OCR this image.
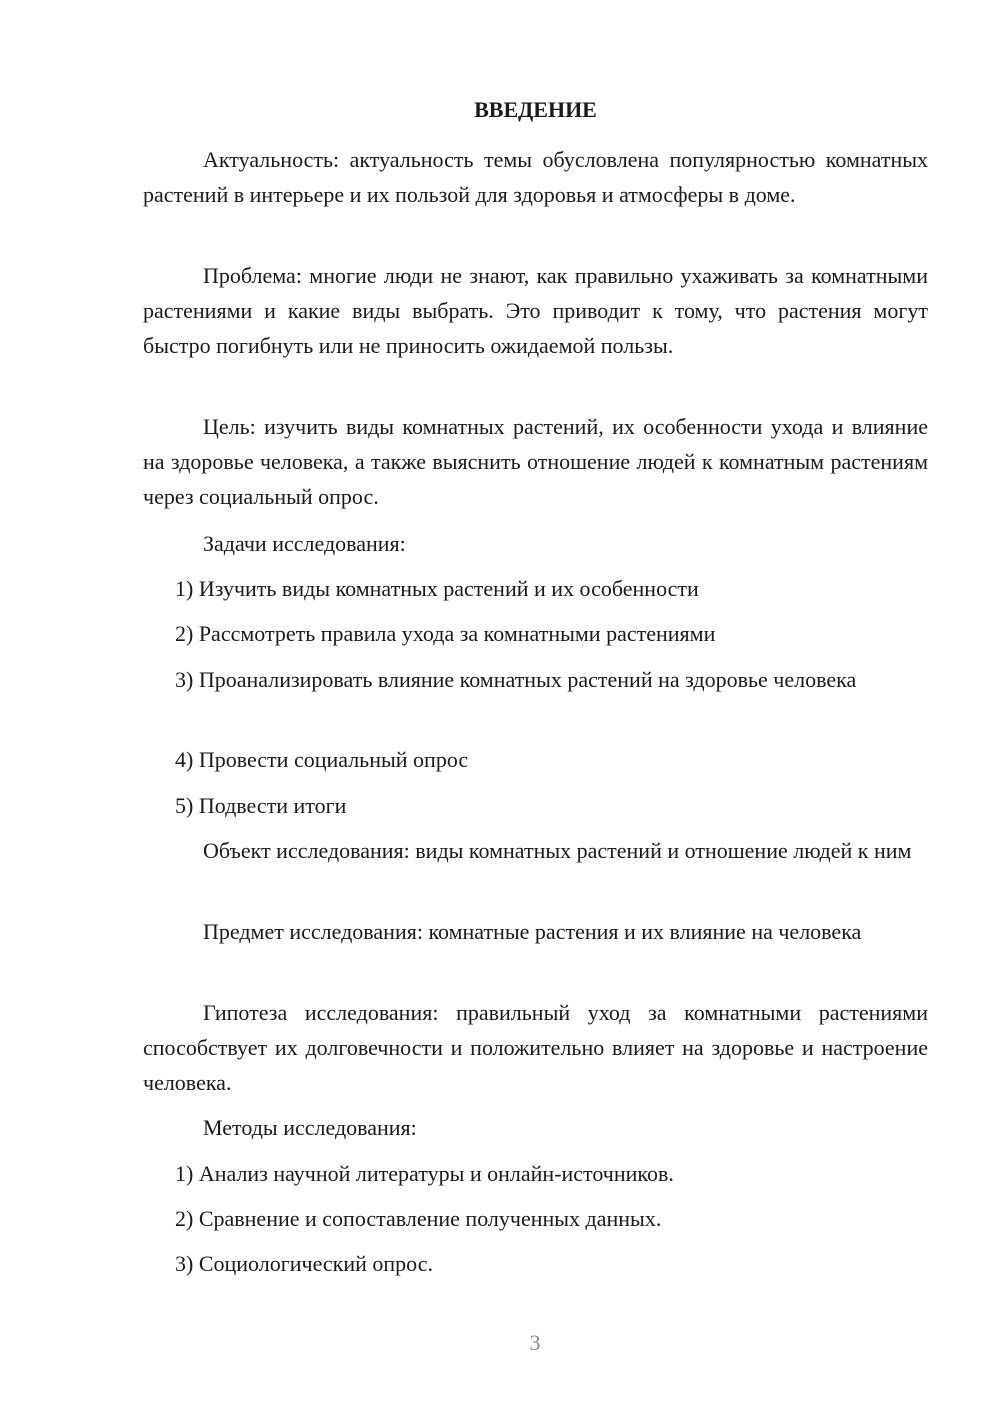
ВВЕДЕНИЕ

Актуальность: актуальность темы обусловлена популярностью комнатных растений в интерьере и их пользой для здоровья и атмосферы в доме.

Проблема: многие люди не знают, как правильно ухаживать за комнатными растениями и какие виды выбрать. Это приводит к тому, что растения могут быстро погибнуть или не приносить ожидаемой пользы.

Цель: изучить виды комнатных растений, их особенности ухода и влияние на здоровье человека, а также выяснить отношение людей к комнатным растениям через социальный опрос.

Задачи исследования:

1) Изучить виды комнатных растений и их особенности

2) Рассмотреть правила ухода за комнатными растениями

3) Проанализировать влияние комнатных растений на здоровье человека

4) Провести социальный опрос

5) Подвести итоги

Объект исследования: виды комнатных растений и отношение людей к ним

Предмет исследования: комнатные растения и их влияние на человека

Гипотеза исследования: правильный уход за комнатными растениями способствует их долговечности и положительно влияет на здоровье и настроение человека.

Методы исследования:

1) Анализ научной литературы и онлайн-источников.

2) Сравнение и сопоставление полученных данных.

3) Социологический опрос.

3
